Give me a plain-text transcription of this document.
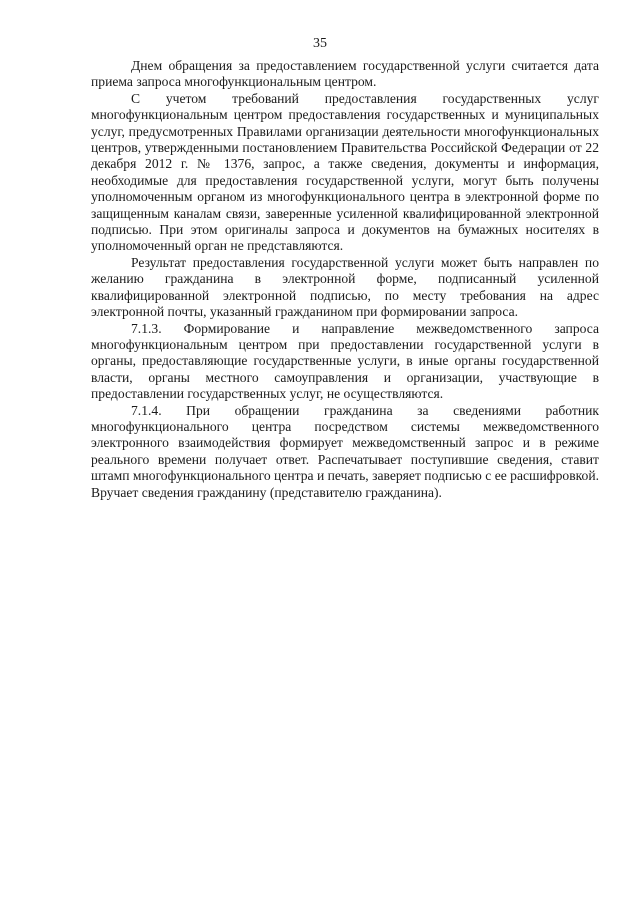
35

Днем обращения за предоставлением государственной услуги считается дата приема запроса многофункциональным центром.

С учетом требований предоставления государственных услуг многофункциональным центром предоставления государственных и муниципальных услуг, предусмотренных Правилами организации деятельности многофункциональных центров, утвержденными постановлением Правительства Российской Федерации от 22 декабря 2012 г. № 1376, запрос, а также сведения, документы и информация, необходимые для предоставления государственной услуги, могут быть получены уполномоченным органом из многофункционального центра в электронной форме по защищенным каналам связи, заверенные усиленной квалифицированной электронной подписью. При этом оригиналы запроса и документов на бумажных носителях в уполномоченный орган не представляются.

Результат предоставления государственной услуги может быть направлен по желанию гражданина в электронной форме, подписанный усиленной квалифицированной электронной подписью, по месту требования на адрес электронной почты, указанный гражданином при формировании запроса.

7.1.3. Формирование и направление межведомственного запроса многофункциональным центром при предоставлении государственной услуги в органы, предоставляющие государственные услуги, в иные органы государственной власти, органы местного самоуправления и организации, участвующие в предоставлении государственных услуг, не осуществляются.

7.1.4. При обращении гражданина за сведениями работник многофункционального центра посредством системы межведомственного электронного взаимодействия формирует межведомственный запрос и в режиме реального времени получает ответ. Распечатывает поступившие сведения, ставит штамп многофункционального центра и печать, заверяет подписью с ее расшифровкой. Вручает сведения гражданину (представителю гражданина).
